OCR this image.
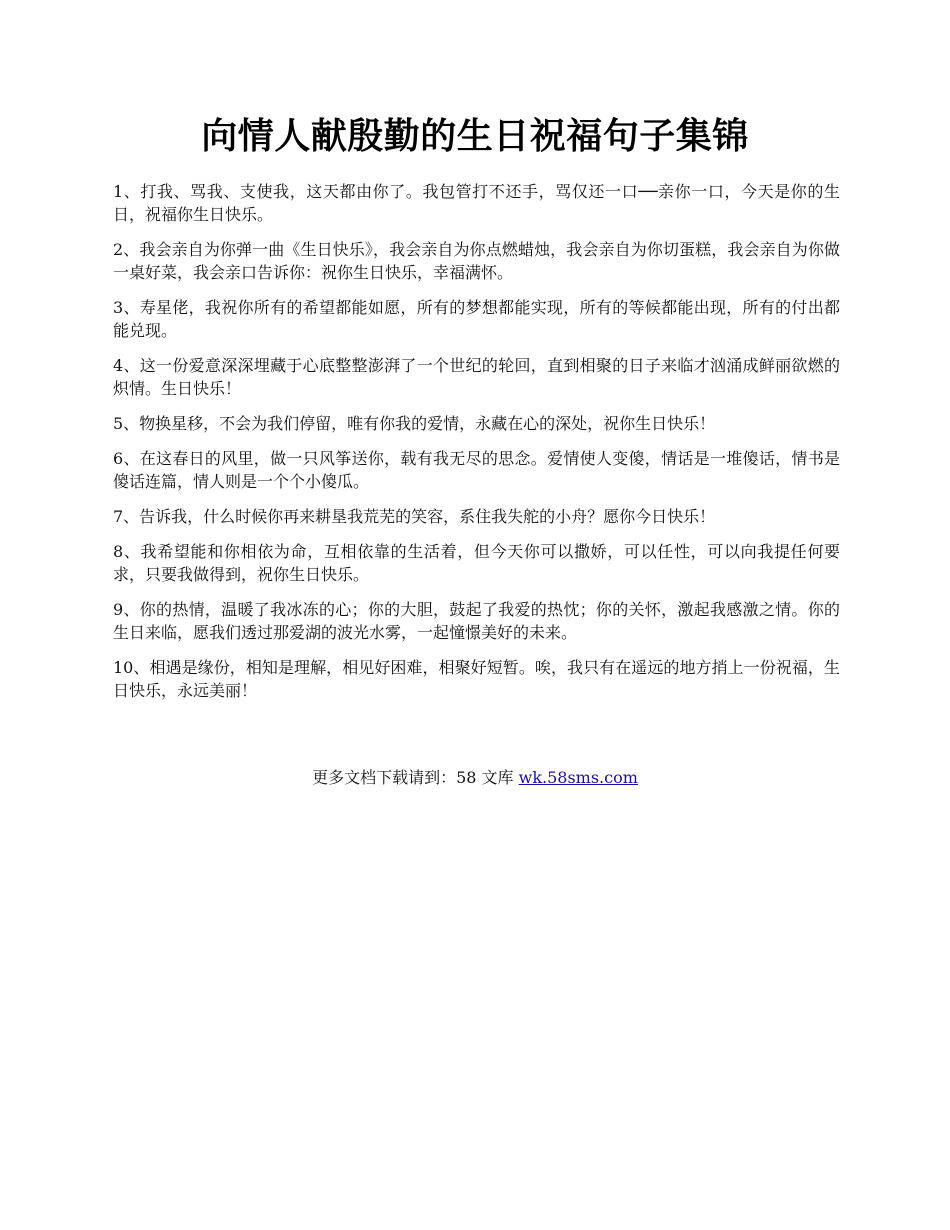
向情人献殷勤的生日祝福句子集锦

1、打我、骂我、支使我，这天都由你了。我包管打不还手，骂仅还一口──亲你一口，今天是你的生日，祝福你生日快乐。

2、我会亲自为你弹一曲《生日快乐》，我会亲自为你点燃蜡烛，我会亲自为你切蛋糕，我会亲自为你做一桌好菜，我会亲口告诉你：祝你生日快乐，幸福满怀。

3、寿星佬，我祝你所有的希望都能如愿，所有的梦想都能实现，所有的等候都能出现，所有的付出都能兑现。

4、这一份爱意深深埋藏于心底整整澎湃了一个世纪的轮回，直到相聚的日子来临才汹涌成鲜丽欲燃的炽情。生日快乐！

5、物换星移，不会为我们停留，唯有你我的爱情，永藏在心的深处，祝你生日快乐！

6、在这春日的风里，做一只风筝送你，载有我无尽的思念。爱情使人变傻，情话是一堆傻话，情书是傻话连篇，情人则是一个个小傻瓜。

7、告诉我，什么时候你再来耕垦我荒芜的笑容，系住我失舵的小舟？愿你今日快乐！

8、我希望能和你相依为命，互相依靠的生活着，但今天你可以撒娇，可以任性，可以向我提任何要求，只要我做得到，祝你生日快乐。

9、你的热情，温暖了我冰冻的心；你的大胆，鼓起了我爱的热忱；你的关怀，激起我感激之情。你的生日来临，愿我们透过那爱湖的波光水雾，一起憧憬美好的未来。

10、相遇是缘份，相知是理解，相见好困难，相聚好短暂。唉，我只有在遥远的地方捎上一份祝福，生日快乐，永远美丽！

更多文档下载请到：58 文库 wk.58sms.com
